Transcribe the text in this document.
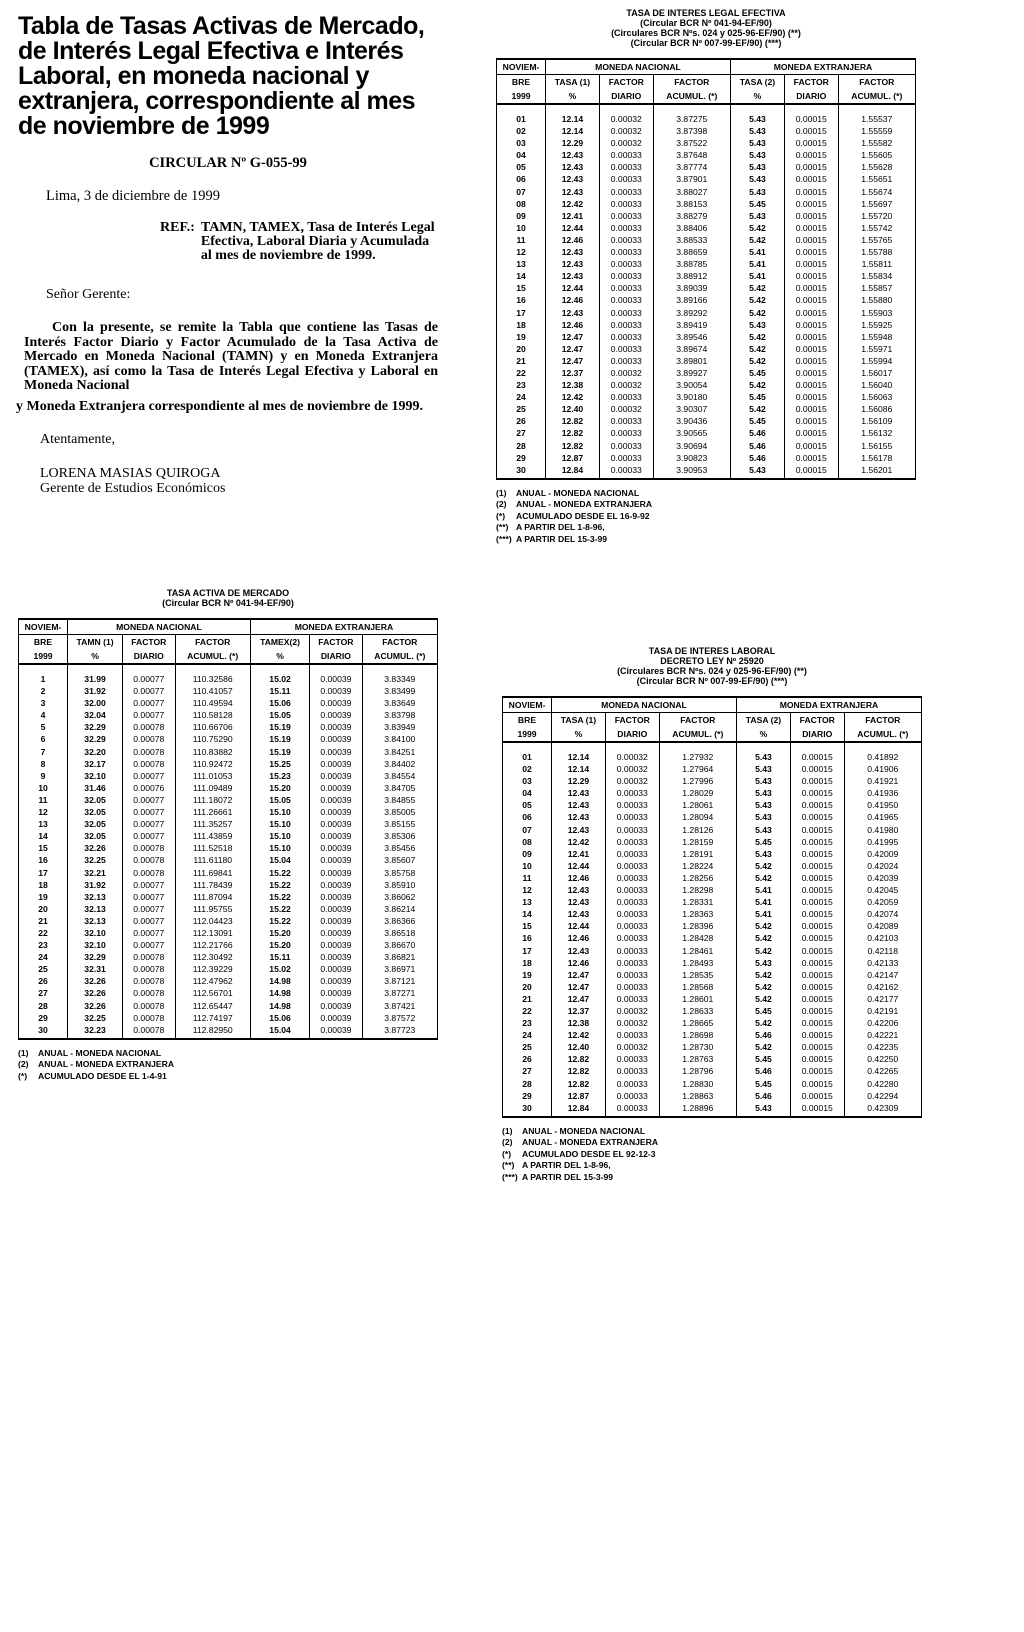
Tabla de Tasas Activas de Mercado, de Interés Legal Efectiva e Interés Laboral, en moneda nacional y extranjera, correspondiente al mes de noviembre de 1999
CIRCULAR Nº G-055-99
Lima, 3 de diciembre de 1999
REF.: TAMN, TAMEX, Tasa de Interés Legal Efectiva, Laboral Diaria y Acumulada al mes de noviembre de 1999.
Señor Gerente:
Con la presente, se remite la Tabla que contiene las Tasas de Interés Factor Diario y Factor Acumulado de la Tasa Activa de Mercado en Moneda Nacional (TAMN) y en Moneda Extranjera (TAMEX), así como la Tasa de Interés Legal Efectiva y Laboral en Moneda Nacional
y Moneda Extranjera correspondiente al mes de noviembre de 1999.
Atentamente,
LORENA MASIAS QUIROGA
Gerente de Estudios Económicos
TASA ACTIVA DE MERCADO
(Circular BCR Nº 041-94-EF/90)
NOVIEM-	MONEDA NACIONAL			MONEDA EXTRANJERA		
BRE	TAMN (1)	FACTOR	FACTOR	TAMEX(2)	FACTOR	FACTOR
1999	%	DIARIO	ACUMUL. (*)	%	DIARIO	ACUMUL. (*)
1	31.99	0.00077	110.32586	15.02	0.00039	3.83349
2	31.92	0.00077	110.41057	15.11	0.00039	3.83499
3	32.00	0.00077	110.49594	15.06	0.00039	3.83649
4	32.04	0.00077	110.58128	15.05	0.00039	3.83798
5	32.29	0.00078	110.66706	15.19	0.00039	3.83949
6	32.29	0.00078	110.75290	15.19	0.00039	3.84100
7	32.20	0.00078	110.83882	15.19	0.00039	3.84251
8	32.17	0.00078	110.92472	15.25	0.00039	3.84402
9	32.10	0.00077	111.01053	15.23	0.00039	3.84554
10	31.46	0.00076	111.09489	15.20	0.00039	3.84705
11	32.05	0.00077	111.18072	15.05	0.00039	3.84855
12	32.05	0.00077	111.26661	15.10	0.00039	3.85005
13	32.05	0.00077	111.35257	15.10	0.00039	3.85155
14	32.05	0.00077	111.43859	15.10	0.00039	3.85306
15	32.26	0.00078	111.52518	15.10	0.00039	3.85456
16	32.25	0.00078	111.61180	15.04	0.00039	3.85607
17	32.21	0.00078	111.69841	15.22	0.00039	3.85758
18	31.92	0.00077	111.78439	15.22	0.00039	3.85910
19	32.13	0.00077	111.87094	15.22	0.00039	3.86062
20	32.13	0.00077	111.95755	15.22	0.00039	3.86214
21	32.13	0.00077	112.04423	15.22	0.00039	3.86366
22	32.10	0.00077	112.13091	15.20	0.00039	3.86518
23	32.10	0.00077	112.21766	15.20	0.00039	3.86670
24	32.29	0.00078	112.30492	15.11	0.00039	3.86821
25	32.31	0.00078	112.39229	15.02	0.00039	3.86971
26	32.26	0.00078	112.47962	14.98	0.00039	3.87121
27	32.26	0.00078	112.56701	14.98	0.00039	3.87271
28	32.26	0.00078	112.65447	14.98	0.00039	3.87421
29	32.25	0.00078	112.74197	15.06	0.00039	3.87572
30	32.23	0.00078	112.82950	15.04	0.00039	3.87723
(1)	ANUAL - MONEDA NACIONAL
(2)	ANUAL - MONEDA EXTRANJERA
(*)	ACUMULADO DESDE EL 1-4-91
TASA DE INTERES LEGAL EFECTIVA
(Circular BCR Nº 041-94-EF/90)
(Circulares BCR Nºs. 024 y 025-96-EF/90) (**)
(Circular BCR Nº 007-99-EF/90) (***)
NOVIEM-	MONEDA NACIONAL			MONEDA EXTRANJERA		
BRE	TASA (1)	FACTOR	FACTOR	TASA (2)	FACTOR	FACTOR
1999	%	DIARIO	ACUMUL. (*)	%	DIARIO	ACUMUL. (*)
01	12.14	0.00032	3.87275	5.43	0.00015	1.55537
02	12.14	0.00032	3.87398	5.43	0.00015	1.55559
03	12.29	0.00032	3.87522	5.43	0.00015	1.55582
04	12.43	0.00033	3.87648	5.43	0.00015	1.55605
05	12.43	0.00033	3.87774	5.43	0.00015	1.55628
06	12.43	0.00033	3.87901	5.43	0.00015	1.55651
07	12.43	0.00033	3.88027	5.43	0.00015	1.55674
08	12.42	0.00033	3.88153	5.45	0.00015	1.55697
09	12.41	0.00033	3.88279	5.43	0.00015	1.55720
10	12.44	0.00033	3.88406	5.42	0.00015	1.55742
11	12.46	0.00033	3.88533	5.42	0.00015	1.55765
12	12.43	0.00033	3.88659	5.41	0.00015	1.55788
13	12.43	0.00033	3.88785	5.41	0.00015	1.55811
14	12.43	0.00033	3.88912	5.41	0.00015	1.55834
15	12.44	0.00033	3.89039	5.42	0.00015	1.55857
16	12.46	0.00033	3.89166	5.42	0.00015	1.55880
17	12.43	0.00033	3.89292	5.42	0.00015	1.55903
18	12.46	0.00033	3.89419	5.43	0.00015	1.55925
19	12.47	0.00033	3.89546	5.42	0.00015	1.55948
20	12.47	0.00033	3.89674	5.42	0.00015	1.55971
21	12.47	0.00033	3.89801	5.42	0.00015	1.55994
22	12.37	0.00032	3.89927	5.45	0.00015	1.56017
23	12.38	0.00032	3.90054	5.42	0.00015	1.56040
24	12.42	0.00033	3.90180	5.45	0.00015	1.56063
25	12.40	0.00032	3.90307	5.42	0.00015	1.56086
26	12.82	0.00033	3.90436	5.45	0.00015	1.56109
27	12.82	0.00033	3.90565	5.46	0.00015	1.56132
28	12.82	0.00033	3.90694	5.46	0.00015	1.56155
29	12.87	0.00033	3.90823	5.46	0.00015	1.56178
30	12.84	0.00033	3.90953	5.43	0.00015	1.56201
(1)	ANUAL - MONEDA NACIONAL
(2)	ANUAL - MONEDA EXTRANJERA
(*)	ACUMULADO DESDE EL 16-9-92
(**) A PARTIR DEL 1-8-96,
(***) A PARTIR DEL 15-3-99
TASA DE INTERES LABORAL
DECRETO LEY Nº 25920
(Circulares BCR Nºs. 024 y 025-96-EF/90) (**)
(Circular BCR Nº 007-99-EF/90) (***)
NOVIEM-	MONEDA NACIONAL			MONEDA EXTRANJERA		
BRE	TASA (1)	FACTOR	FACTOR	TASA (2)	FACTOR	FACTOR
1999	%	DIARIO	ACUMUL. (*)	%	DIARIO	ACUMUL. (*)
01	12.14	0.00032	1.27932	5.43	0.00015	0.41892
02	12.14	0.00032	1.27964	5.43	0.00015	0.41906
03	12.29	0.00032	1.27996	5.43	0.00015	0.41921
04	12.43	0.00033	1.28029	5.43	0.00015	0.41936
05	12.43	0.00033	1.28061	5.43	0.00015	0.41950
06	12.43	0.00033	1.28094	5.43	0.00015	0.41965
07	12.43	0.00033	1.28126	5.43	0.00015	0.41980
08	12.42	0.00033	1.28159	5.45	0.00015	0.41995
09	12.41	0.00033	1.28191	5.43	0.00015	0.42009
10	12.44	0.00033	1.28224	5.42	0.00015	0.42024
11	12.46	0.00033	1.28256	5.42	0.00015	0.42039
12	12.43	0.00033	1.28298	5.41	0.00015	0.42045
13	12.43	0.00033	1.28331	5.41	0.00015	0.42059
14	12.43	0.00033	1.28363	5.41	0.00015	0.42074
15	12.44	0.00033	1.28396	5.42	0.00015	0.42089
16	12.46	0.00033	1.28428	5.42	0.00015	0.42103
17	12.43	0.00033	1.28461	5.42	0.00015	0.42118
18	12.46	0.00033	1.28493	5.43	0.00015	0.42133
19	12.47	0.00033	1.28535	5.42	0.00015	0.42147
20	12.47	0.00033	1.28568	5.42	0.00015	0.42162
21	12.47	0.00033	1.28601	5.42	0.00015	0.42177
22	12.37	0.00032	1.28633	5.45	0.00015	0.42191
23	12.38	0.00032	1.28665	5.42	0.00015	0.42206
24	12.42	0.00033	1.28698	5.46	0.00015	0.42221
25	12.40	0.00032	1.28730	5.42	0.00015	0.42235
26	12.82	0.00033	1.28763	5.45	0.00015	0.42250
27	12.82	0.00033	1.28796	5.46	0.00015	0.42265
28	12.82	0.00033	1.28830	5.45	0.00015	0.42280
29	12.87	0.00033	1.28863	5.46	0.00015	0.42294
30	12.84	0.00033	1.28896	5.43	0.00015	0.42309
(1)	ANUAL - MONEDA NACIONAL
(2)	ANUAL - MONEDA EXTRANJERA
(*)	ACUMULADO DESDE EL 92-12-3
(**) A PARTIR DEL 1-8-96,
(***) A PARTIR DEL 15-3-99
